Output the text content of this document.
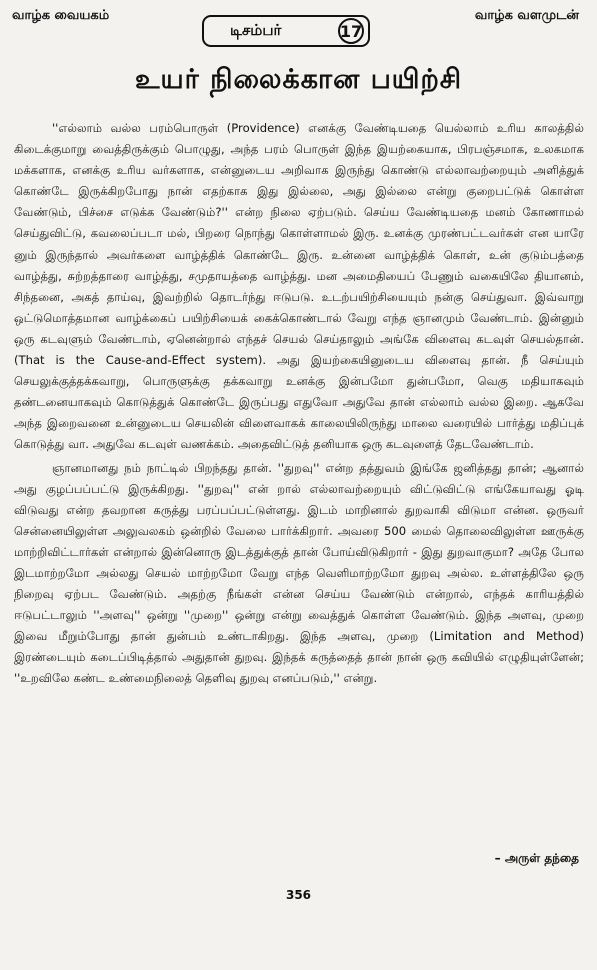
வாழ்க வையகம்	வாழ்க வளமுடன்
டிசம்பர்	17
உயர் நிலைக்கான பயிற்சி

''எல்லாம் வல்ல பரம்பொருள் (Providence) எனக்கு வேண்டியதை யெல்லாம் உரிய காலத்தில் கிடைக்குமாறு வைத்திருக்கும் பொழுது, அந்த பரம் பொருள் இந்த இயற்கையாக, பிரபஞ்சமாக, உலகமாக மக்களாக, எனக்கு உரிய வர்களாக, என்னுடைய அறிவாக இருந்து கொண்டு எல்லாவற்றையும் அளித்துக் கொண்டே இருக்கிறபோது நான் எதற்காக இது இல்லை, அது இல்லை என்று குறைபட்டுக் கொள்ள வேண்டும், பிச்சை எடுக்க வேண்டும்?'' என்ற நிலை ஏற்படும். செய்ய வேண்டியதை மனம் கோணாமல் செய்துவிட்டு, கவலைப்படா மல், பிறரை நொந்து கொள்ளாமல் இரு. உனக்கு முரண்பட்டவர்கள் என யாரே னும் இருந்தால் அவர்களை வாழ்த்திக் கொண்டே இரு. உன்னை வாழ்த்திக் கொள், உன் குடும்பத்தை வாழ்த்து, சுற்றத்தாரை வாழ்த்து, சமுதாயத்தை வாழ்த்து. மன அமைதியைப் பேணும் வகையிலே தியானம், சிந்தனை, அகத் தாய்வு, இவற்றில் தொடர்ந்து ஈடுபடு. உடற்பயிற்சியையும் நன்கு செய்துவா. இவ்வாறு ஒட்டுமொத்தமான வாழ்க்கைப் பயிற்சியைக் கைக்கொண்டால் வேறு எந்த ஞானமும் வேண்டாம். இன்னும் ஒரு கடவுளும் வேண்டாம், ஏனென்றால் எந்தச் செயல் செய்தாலும் அங்கே விளைவு கடவுள் செயல்தான். (That is the Cause-and-Effect system). அது இயற்கையினுடைய விளைவு தான். நீ செய்யும் செயலுக்குத்தக்கவாறு, பொருளுக்கு தக்கவாறு உனக்கு இன்பமோ துன்பமோ, வெகு மதியாகவும் தண்டனையாகவும் கொடுத்துக் கொண்டே இருப்பது எதுவோ அதுவே தான் எல்லாம் வல்ல இறை. ஆகவே அந்த இறைவனை உன்னுடைய செயலின் விளைவாகக் காலையிலிருந்து மாலை வரையில் பார்த்து மதிப்புக் கொடுத்து வா. அதுவே கடவுள் வணக்கம். அதைவிட்டுத் தனியாக ஒரு கடவுளைத் தேடவேண்டாம்.

ஞானமானது நம் நாட்டில் பிறந்தது தான். ''துறவு'' என்ற தத்துவம் இங்கே ஜனித்தது தான்; ஆனால் அது குழப்பப்பட்டு இருக்கிறது. ''துறவு'' என் றால் எல்லாவற்றையும் விட்டுவிட்டு எங்கேயாவது ஓடி விடுவது என்ற தவறான கருத்து பரப்பப்பட்டுள்ளது. இடம் மாறினால் துறவாகி விடுமா என்ன. ஒருவர் சென்னையிலுள்ள அலுவலகம் ஒன்றில் வேலை பார்க்கிறார். அவரை 500 மைல் தொலைவிலுள்ள ஊருக்கு மாற்றிவிட்டார்கள் என்றால் இன்னொரு இடத்துக்குத் தான் போய்விடுகிறார் - இது துறவாகுமா? அதே போல இடமாற்றமோ அல்லது செயல் மாற்றமோ வேறு எந்த வெளிமாற்றமோ துறவு அல்ல. உள்ளத்திலே ஒரு நிறைவு ஏற்பட வேண்டும். அதற்கு நீங்கள் என்ன செய்ய வேண்டும் என்றால், எந்தக் காரியத்தில் ஈடுபட்டாலும் ''அளவு'' ஒன்று ''முறை'' ஒன்று என்று வைத்துக் கொள்ள வேண்டும். இந்த அளவு, முறை இவை மீறும்போது தான் துன்பம் உண்டாகிறது. இந்த அளவு, முறை (Limitation and Method) இரண்டையும் கடைப்பிடித்தால் அதுதான் துறவு. இந்தக் கருத்தைத் தான் நான் ஒரு கவியில் எழுதியுள்ளேன்; ''உறவிலே கண்ட உண்மைநிலைத் தெளிவு துறவு எனப்படும்,'' என்று.

– அருள் தந்தை
356
